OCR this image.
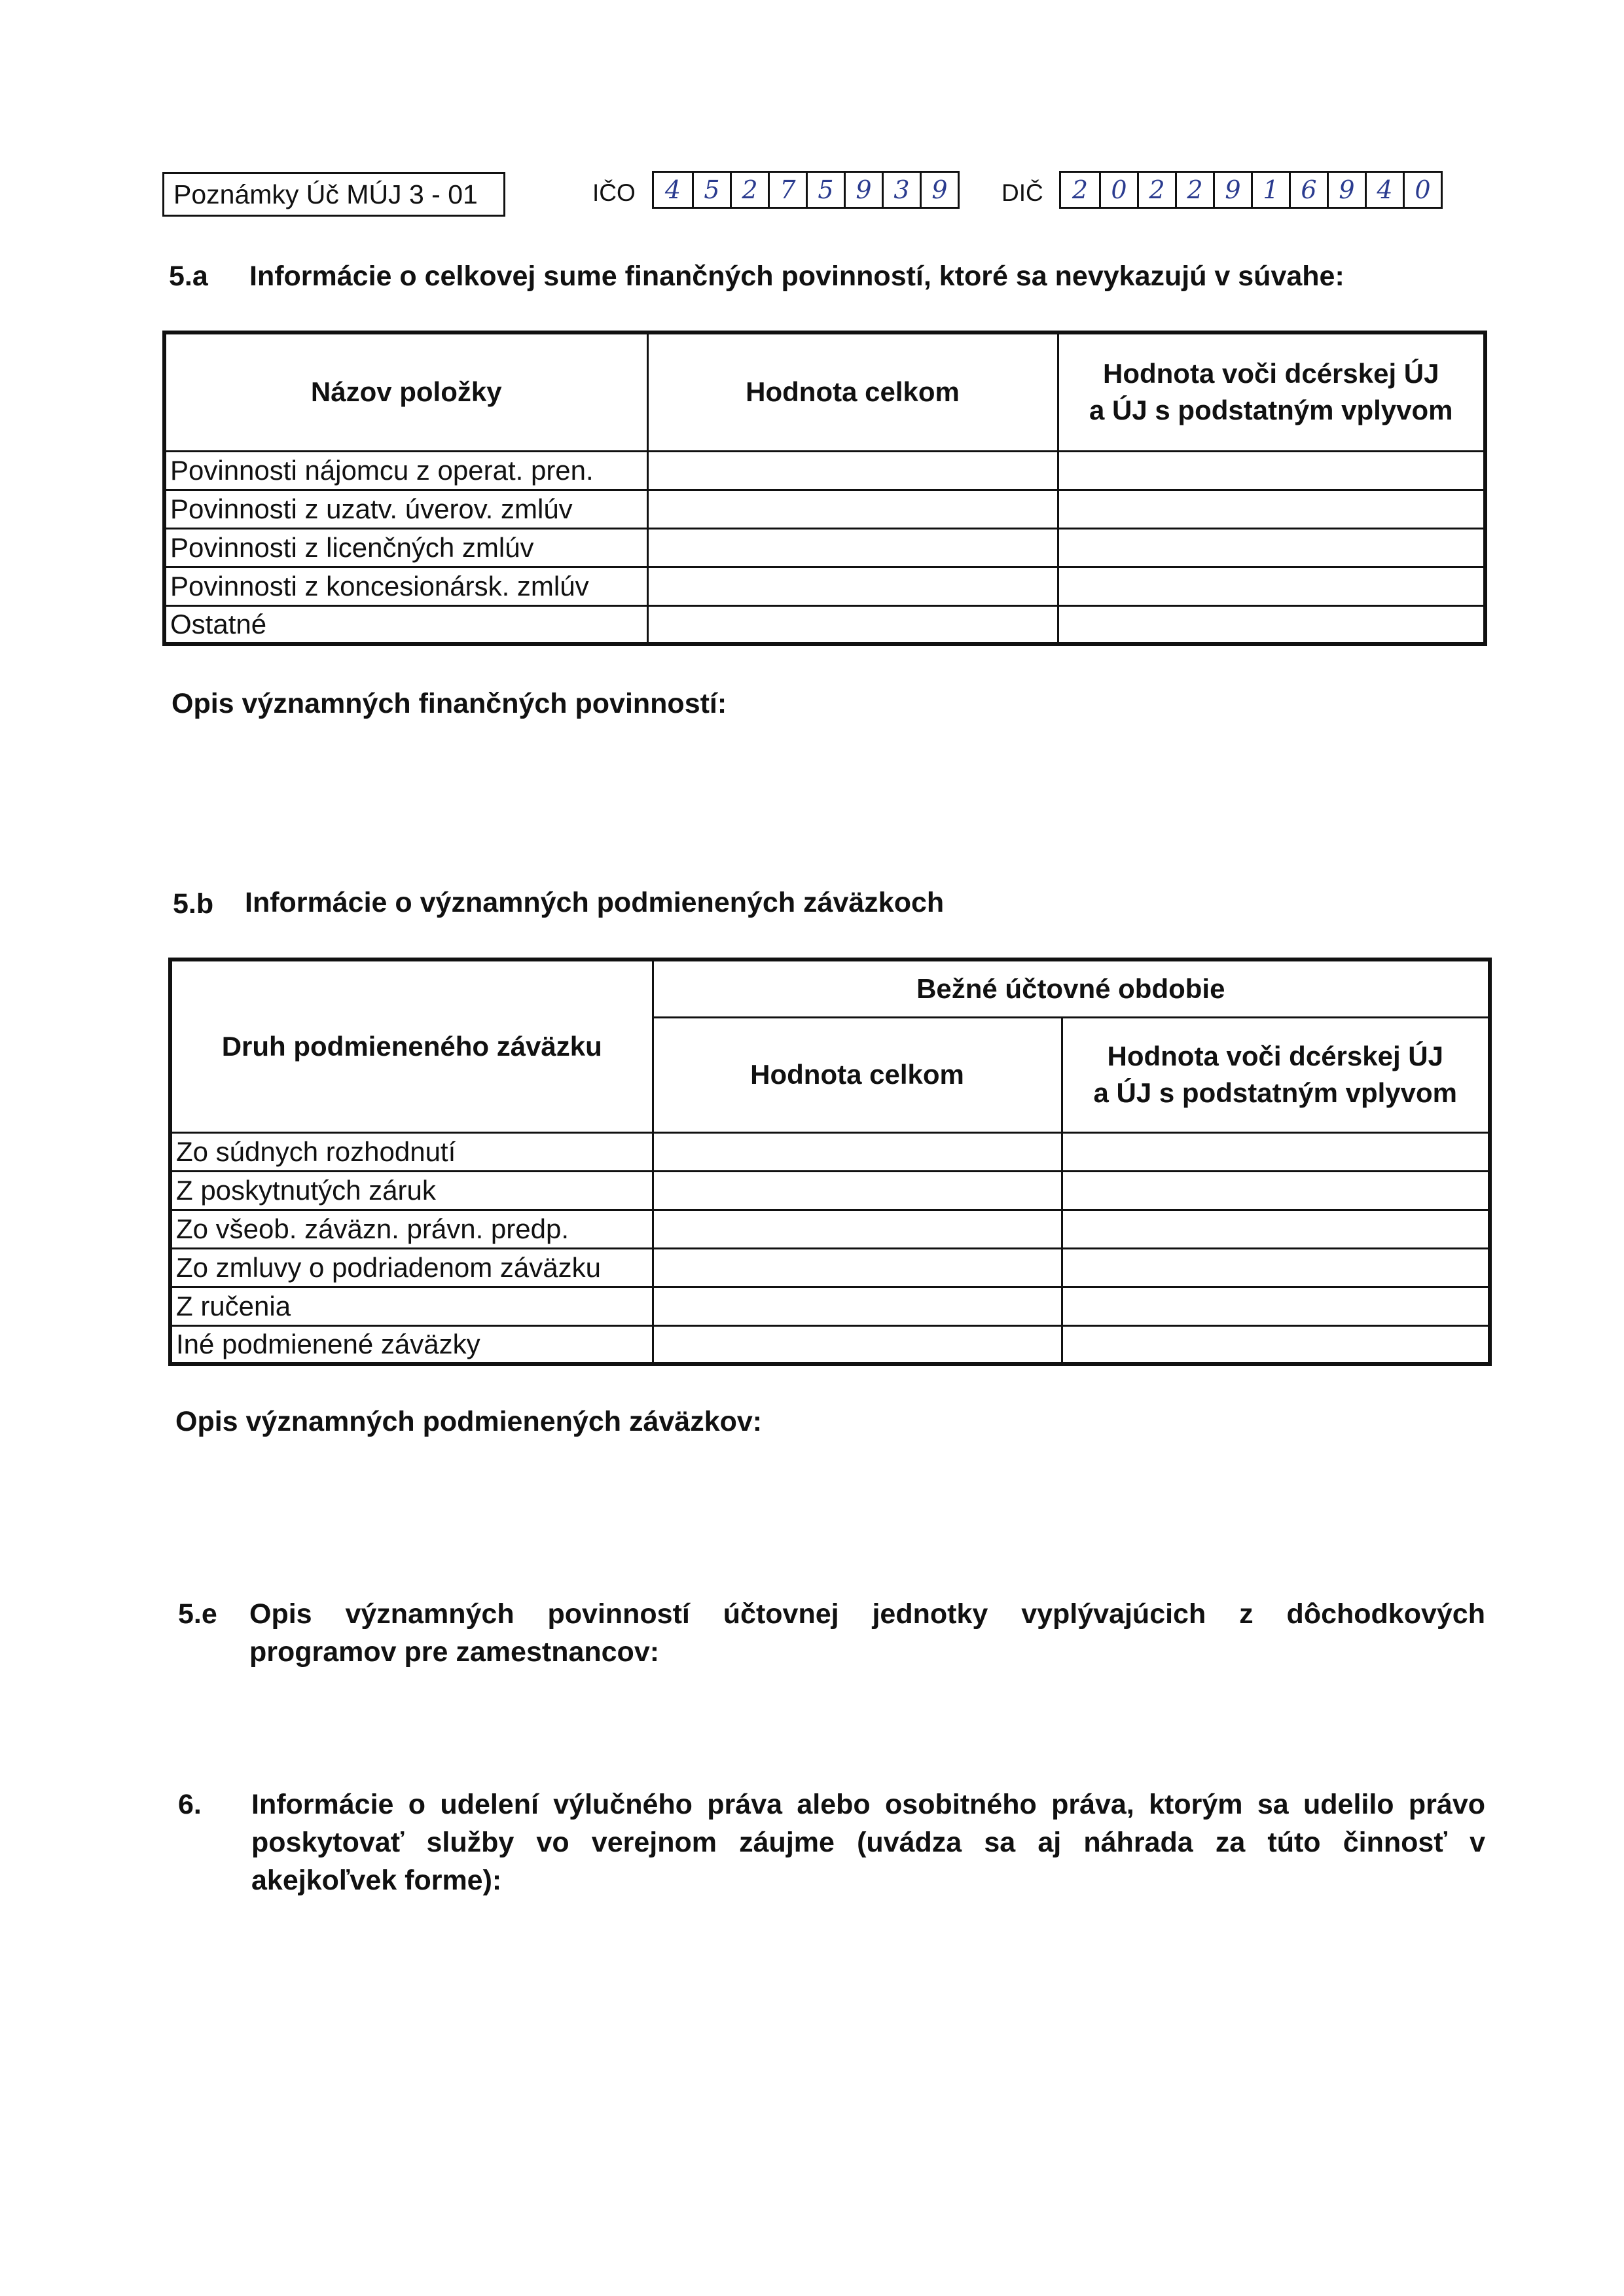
Poznámky Úč MÚJ 3 - 01	IČO	4 5 2 7 5 9 3 9	DIČ	2 0 2 2 9 1 6 9 4 0
5.a Informácie o celkovej sume finančných povinností, ktoré sa nevykazujú v súvahe:
Názov položky	Hodnota celkom	Hodnota voči dcérskej ÚJ
a ÚJ s podstatným vplyvom

Povinnosti nájomcu z operat. pren.		
Povinnosti z uzatv. úverov. zmlúv		
Povinnosti z licenčných zmlúv		
Povinnosti z koncesionársk. zmlúv		
Ostatné		
Opis významných finančných povinností:
5.b Informácie o významných podmienených záväzkoch
Druh podmieneného záväzku	Bežné účtovné obdobie	
	Hodnota celkom	Hodnota voči dcérskej ÚJ
a ÚJ s podstatným vplyvom

Zo súdnych rozhodnutí		
Z poskytnutých záruk		
Zo všeob. záväzn. právn. predp.		
Zo zmluvy o podriadenom záväzku		
Z ručenia		
Iné podmienené záväzky		
Opis významných podmienených záväzkov:
5.e Opis významných povinností účtovnej jednotky vyplývajúcich z dôchodkových
programov pre zamestnancov:
6. Informácie o udelení výlučného práva alebo osobitného práva, ktorým sa udelilo právo
poskytovať služby vo verejnom záujme (uvádza sa aj náhrada za túto činnosť v
akejkoľvek forme):
